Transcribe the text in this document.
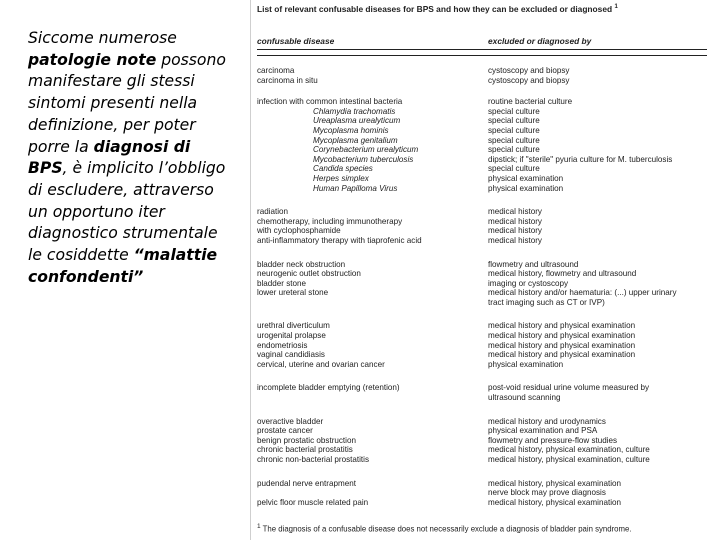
Siccome numerose patologie note possono manifestare gli stessi sintomi presenti nella definizione, per poter porre la diagnosi di BPS, è implicito l’obbligo di escludere, attraverso un opportuno iter diagnostico strumentale le cosiddette “malattie confondenti”
List of relevant confusable diseases for BPS and how they can be excluded or diagnosed $^1$
confusable disease	excluded or diagnosed by
carcinoma	cystoscopy and biopsy
carcinoma in situ	cystoscopy and biopsy
infection with common intestinal bacteria	routine bacterial culture
Chlamydia trachomatis	special culture
Ureaplasma urealyticum	special culture
Mycoplasma hominis	special culture
Mycoplasma genitalium	special culture
Corynebacterium urealyticum	special culture
Mycobacterium tuberculosis	dipstick; if "sterile" pyuria culture for M. tuberculosis
Candida species	special culture
Herpes simplex	physical examination
Human Papilloma Virus	physical examination
radiation	medical history
chemotherapy, including immunotherapy	medical history
with cyclophosphamide	medical history
anti-inflammatory therapy with tiaprofenic acid	medical history
bladder neck obstruction	flowmetry and ultrasound
neurogenic outlet obstruction	medical history, flowmetry and ultrasound
bladder stone	imaging or cystoscopy
lower ureteral stone	medical history and/or haematuria: (...) upper urinary
tract imaging such as CT or IVP)
urethral diverticulum	medical history and physical examination
urogenital prolapse	medical history and physical examination
endometriosis	medical history and physical examination
vaginal candidiasis	medical history and physical examination
cervical, uterine and ovarian cancer	physical examination
incomplete bladder emptying (retention)	post-void residual urine volume measured by
ultrasound scanning
overactive bladder	medical history and urodynamics
prostate cancer	physical examination and PSA
benign prostatic obstruction	flowmetry and pressure-flow studies
chronic bacterial prostatitis	medical history, physical examination, culture
chronic non-bacterial prostatitis	medical history, physical examination, culture
pudendal nerve entrapment	medical history, physical examination
nerve block may prove diagnosis
pelvic floor muscle related pain	medical history, physical examination
$^1$ The diagnosis of a confusable disease does not necessarily exclude a diagnosis of bladder pain syndrome.
